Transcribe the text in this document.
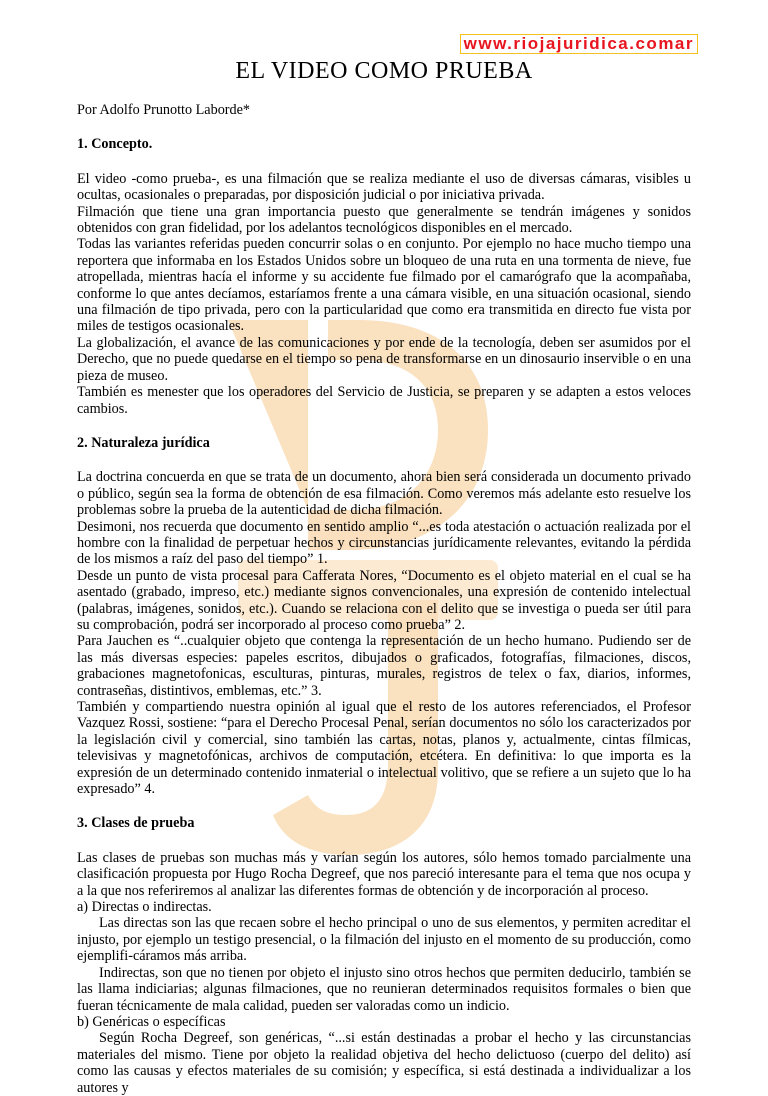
www.riojajuridica.comar
EL VIDEO COMO PRUEBA

Por Adolfo Prunotto Laborde*

1. Concepto.

El video -como prueba-, es una filmación que se realiza mediante el uso de diversas cámaras, visibles u ocultas, ocasionales o preparadas, por disposición judicial o por iniciativa privada.

Filmación que tiene una gran importancia puesto que generalmente se tendrán imágenes y sonidos obtenidos con gran fidelidad, por los adelantos tecnológicos disponibles en el mercado.

Todas las variantes referidas pueden concurrir solas o en conjunto. Por ejemplo no hace mucho tiempo una reportera que informaba en los Estados Unidos sobre un bloqueo de una ruta en una tormenta de nieve, fue atropellada, mientras hacía el informe y su accidente fue filmado por el camarógrafo que la acompañaba, conforme lo que antes decíamos, estaríamos frente a una cámara visible, en una situación ocasional, siendo una filmación de tipo privada, pero con la particularidad que como era transmitida en directo fue vista por miles de testigos ocasionales.

La globalización, el avance de las comunicaciones y por ende de la tecnología, deben ser asumidos por el Derecho, que no puede quedarse en el tiempo so pena de transformarse en un dinosaurio inservible o en una pieza de museo.

También es menester que los operadores del Servicio de Justicia, se preparen y se adapten a estos veloces cambios.

2. Naturaleza jurídica

La doctrina concuerda en que se trata de un documento, ahora bien será considerada un documento privado o público, según sea la forma de obtención de esa filmación. Como veremos más adelante esto resuelve los problemas sobre la prueba de la autenticidad de dicha filmación.

Desimoni, nos recuerda que documento en sentido amplio “...es toda atestación o actuación realizada por el hombre con la finalidad de perpetuar hechos y circunstancias jurídicamente relevantes, evitando la pérdida de los mismos a raíz del paso del tiempo” 1.

Desde un punto de vista procesal para Cafferata Nores, “Documento es el objeto material en el cual se ha asentado (grabado, impreso, etc.) mediante signos convencionales, una expresión de contenido intelectual (palabras, imágenes, sonidos, etc.). Cuando se relaciona con el delito que se investiga o pueda ser útil para su comprobación, podrá ser incorporado al proceso como prueba” 2.

Para Jauchen es “..cualquier objeto que contenga la representación de un hecho humano. Pudiendo ser de las más diversas especies: papeles escritos, dibujados o graficados, fotografías, filmaciones, discos, grabaciones magnetofonicas, esculturas, pinturas, murales, registros de telex o fax, diarios, informes, contraseñas, distintivos, emblemas, etc.” 3.

También y compartiendo nuestra opinión al igual que el resto de los autores referenciados, el Profesor Vazquez Rossi, sostiene: “para el Derecho Procesal Penal, serían documentos no sólo los caracterizados por la legislación civil y comercial, sino también las cartas, notas, planos y, actualmente, cintas fílmicas, televisivas y magnetofónicas, archivos de computación, etcétera. En definitiva: lo que importa es la expresión de un determinado contenido inmaterial o intelectual volitivo, que se refiere a un sujeto que lo ha expresado” 4.

3. Clases de prueba

Las clases de pruebas son muchas más y varían según los autores, sólo hemos tomado parcialmente una clasificación propuesta por Hugo Rocha Degreef, que nos pareció interesante para el tema que nos ocupa y a la que nos referiremos al analizar las diferentes formas de obtención y de incorporación al proceso.

a) Directas o indirectas.

Las directas son las que recaen sobre el hecho principal o uno de sus elementos, y permiten acreditar el injusto, por ejemplo un testigo presencial, o la filmación del injusto en el momento de su producción, como ejemplifi-cáramos más arriba.

Indirectas, son que no tienen por objeto el injusto sino otros hechos que permiten deducirlo, también se las llama indiciarias; algunas filmaciones, que no reunieran determinados requisitos formales o bien que fueran técnicamente de mala calidad, pueden ser valoradas como un indicio.

b) Genéricas o específicas

Según Rocha Degreef, son genéricas, “...si están destinadas a probar el hecho y las circunstancias materiales del mismo. Tiene por objeto la realidad objetiva del hecho delictuoso (cuerpo del delito) así como las causas y efectos materiales de su comisión; y específica, si está destinada a individualizar a los autores y
